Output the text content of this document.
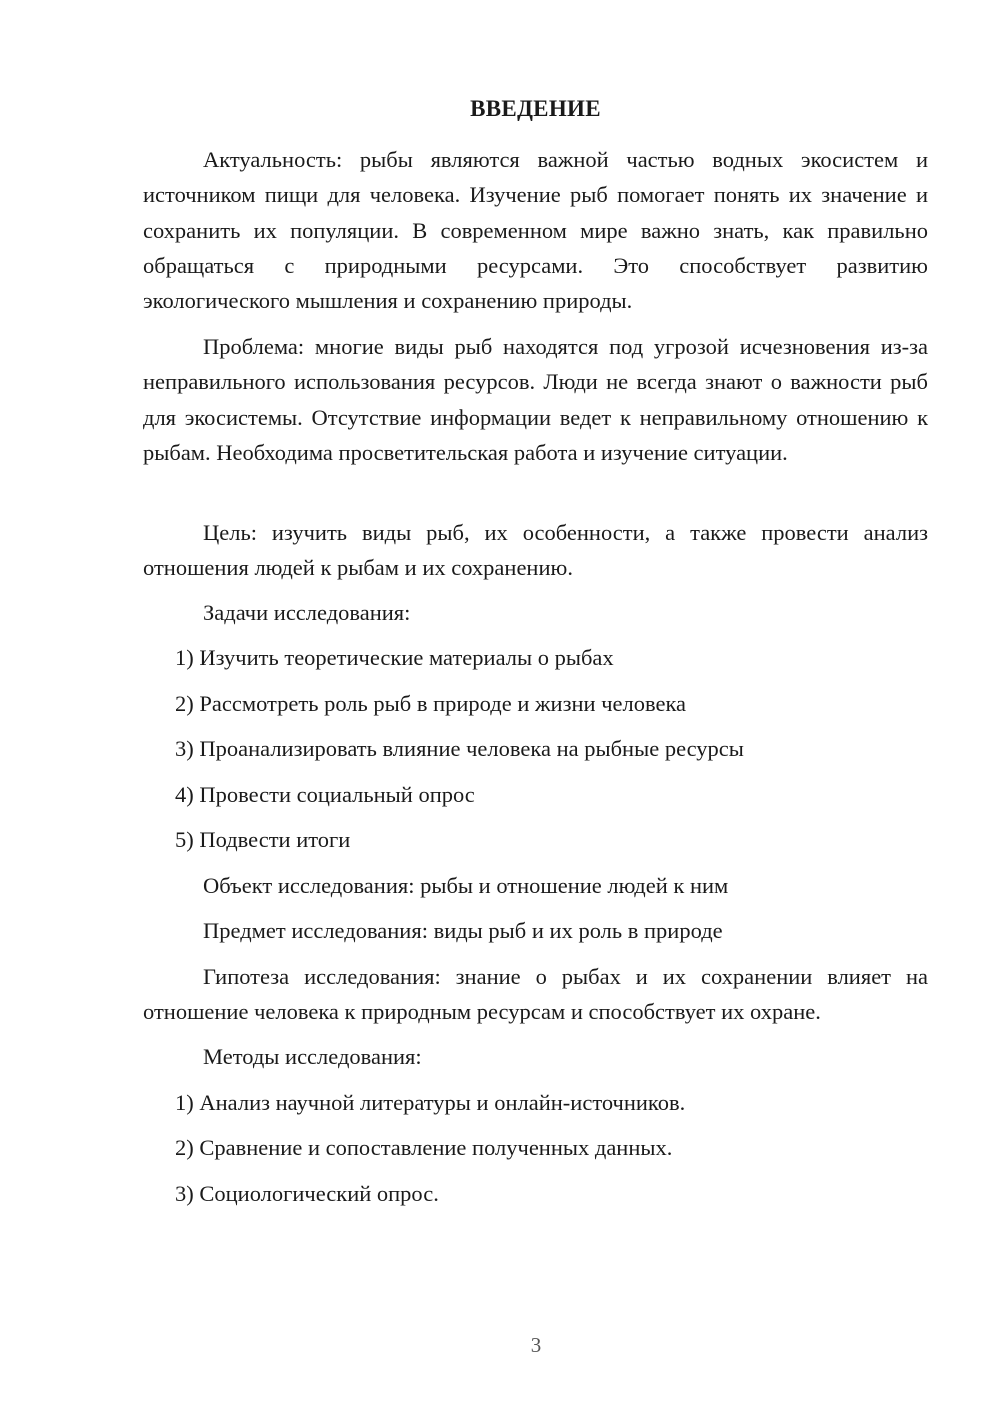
ВВЕДЕНИЕ
Актуальность: рыбы являются важной частью водных экосистем и источником пищи для человека. Изучение рыб помогает понять их значение и сохранить их популяции. В современном мире важно знать, как правильно обращаться с природными ресурсами. Это способствует развитию экологического мышления и сохранению природы.
Проблема: многие виды рыб находятся под угрозой исчезновения из-за неправильного использования ресурсов. Люди не всегда знают о важности рыб для экосистемы. Отсутствие информации ведет к неправильному отношению к рыбам. Необходима просветительская работа и изучение ситуации.
Цель: изучить виды рыб, их особенности, а также провести анализ отношения людей к рыбам и их сохранению.
Задачи исследования:
1) Изучить теоретические материалы о рыбах
2) Рассмотреть роль рыб в природе и жизни человека
3) Проанализировать влияние человека на рыбные ресурсы
4) Провести социальный опрос
5) Подвести итоги
Объект исследования: рыбы и отношение людей к ним
Предмет исследования: виды рыб и их роль в природе
Гипотеза исследования: знание о рыбах и их сохранении влияет на отношение человека к природным ресурсам и способствует их охране.
Методы исследования:
1) Анализ научной литературы и онлайн-источников.
2) Сравнение и сопоставление полученных данных.
3) Социологический опрос.
3
